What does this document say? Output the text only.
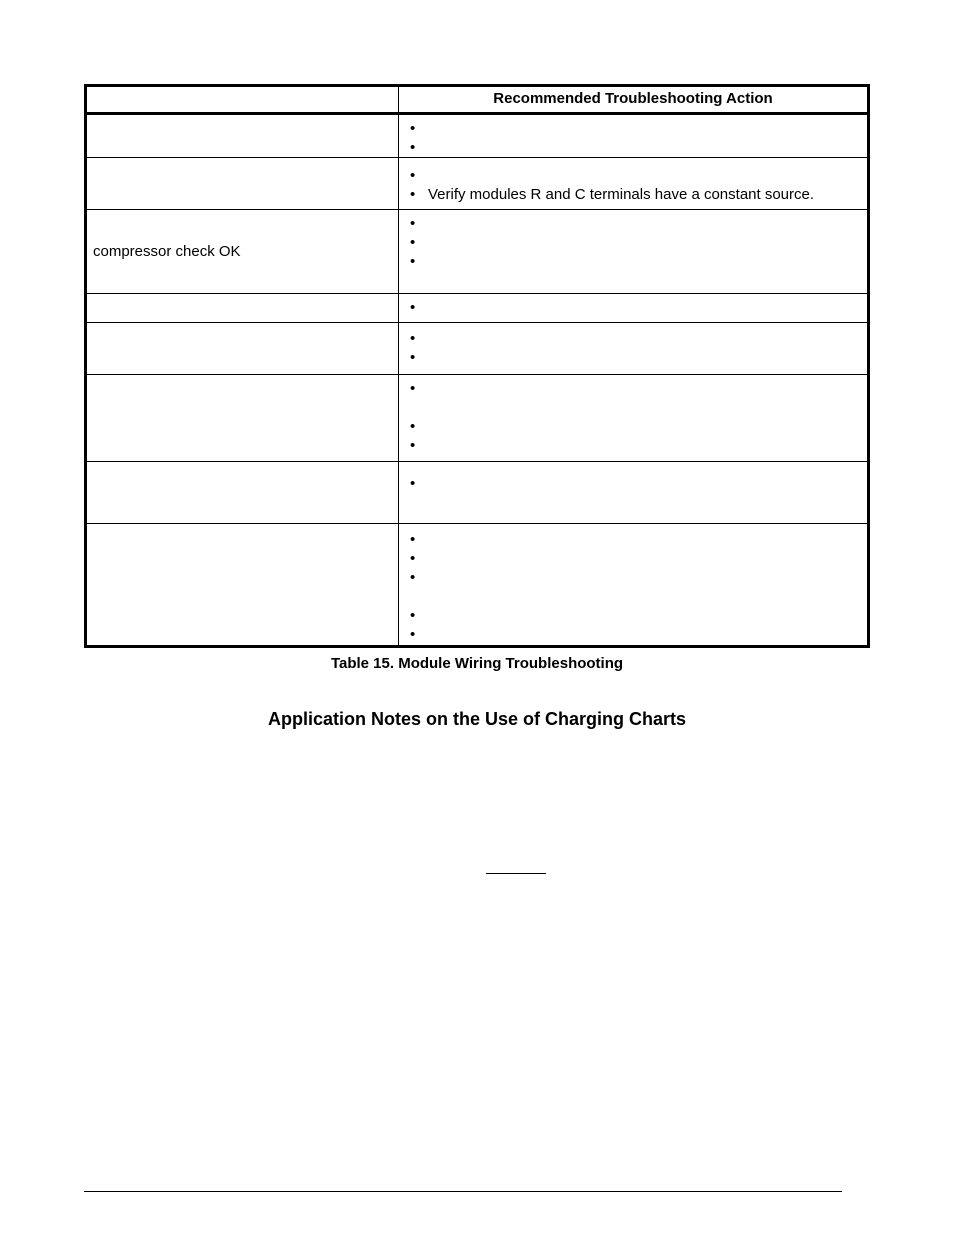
	Recommended Troubleshooting Action

	•
•

	•
• Verify modules R and C terminals have a constant source.

compressor check OK	•
•
•

	•

	•
•

	•
•
•

	•

	•
•
•
•
•
Table 15. Module Wiring Troubleshooting
Application Notes on the Use of Charging Charts
